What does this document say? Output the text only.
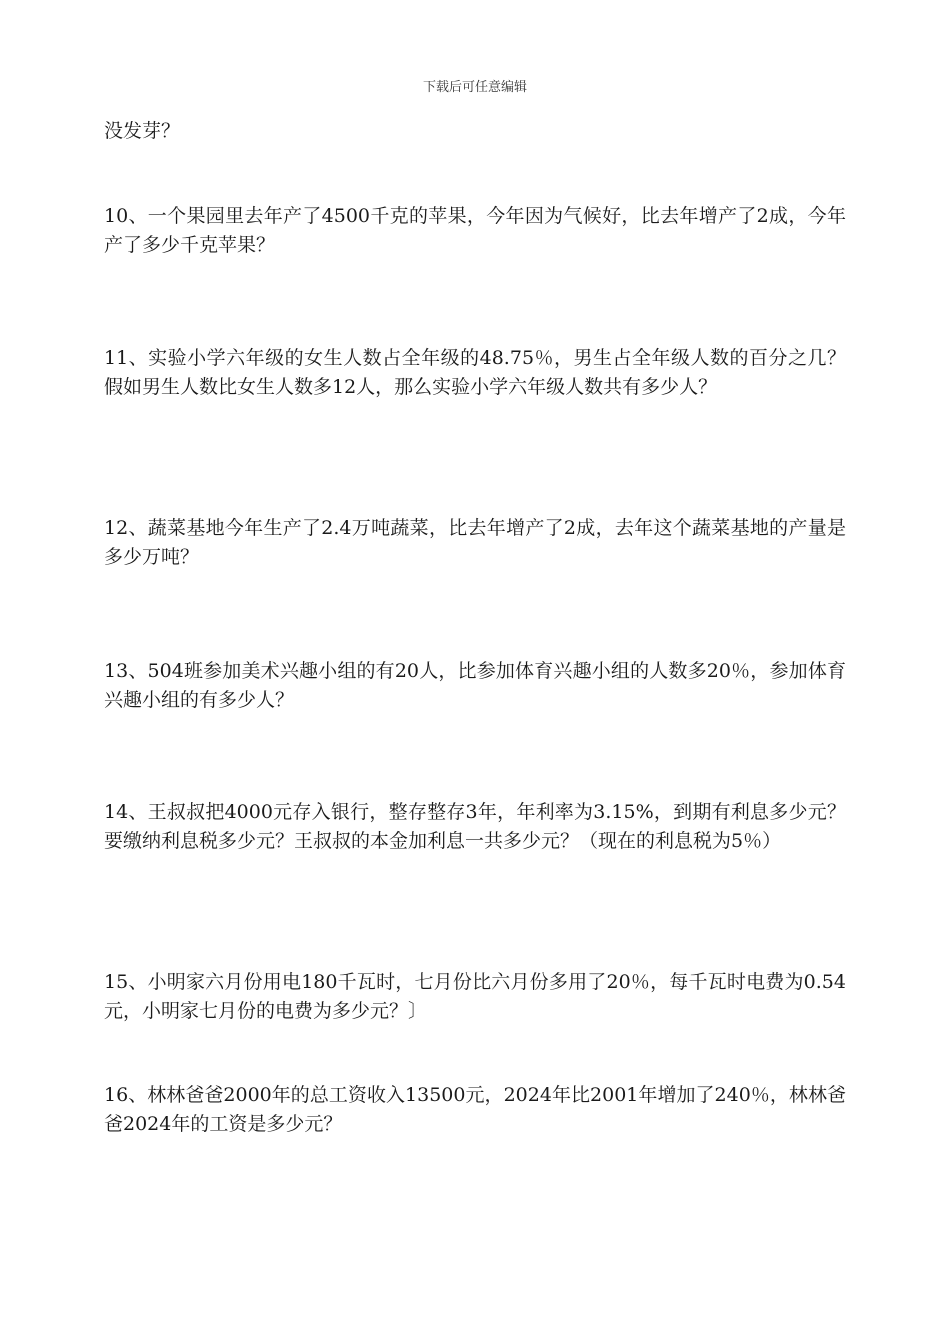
下载后可任意编辑

没发芽？

10、一个果园里去年产了4500千克的苹果，今年因为气候好，比去年增产了2成，今年产了多少千克苹果？

11、实验小学六年级的女生人数占全年级的48.75％，男生占全年级人数的百分之几？假如男生人数比女生人数多12人，那么实验小学六年级人数共有多少人？

12、蔬菜基地今年生产了2.4万吨蔬菜，比去年增产了2成，去年这个蔬菜基地的产量是多少万吨？

13、504班参加美术兴趣小组的有20人，比参加体育兴趣小组的人数多20％，参加体育兴趣小组的有多少人？

14、王叔叔把4000元存入银行，整存整存3年，年利率为3.15%，到期有利息多少元？要缴纳利息税多少元？王叔叔的本金加利息一共多少元？（现在的利息税为5％）

15、小明家六月份用电180千瓦时，七月份比六月份多用了20％，每千瓦时电费为0.54元，小明家七月份的电费为多少元？〕

16、林林爸爸2000年的总工资收入13500元，2024年比2001年增加了240％，林林爸爸2024年的工资是多少元？
